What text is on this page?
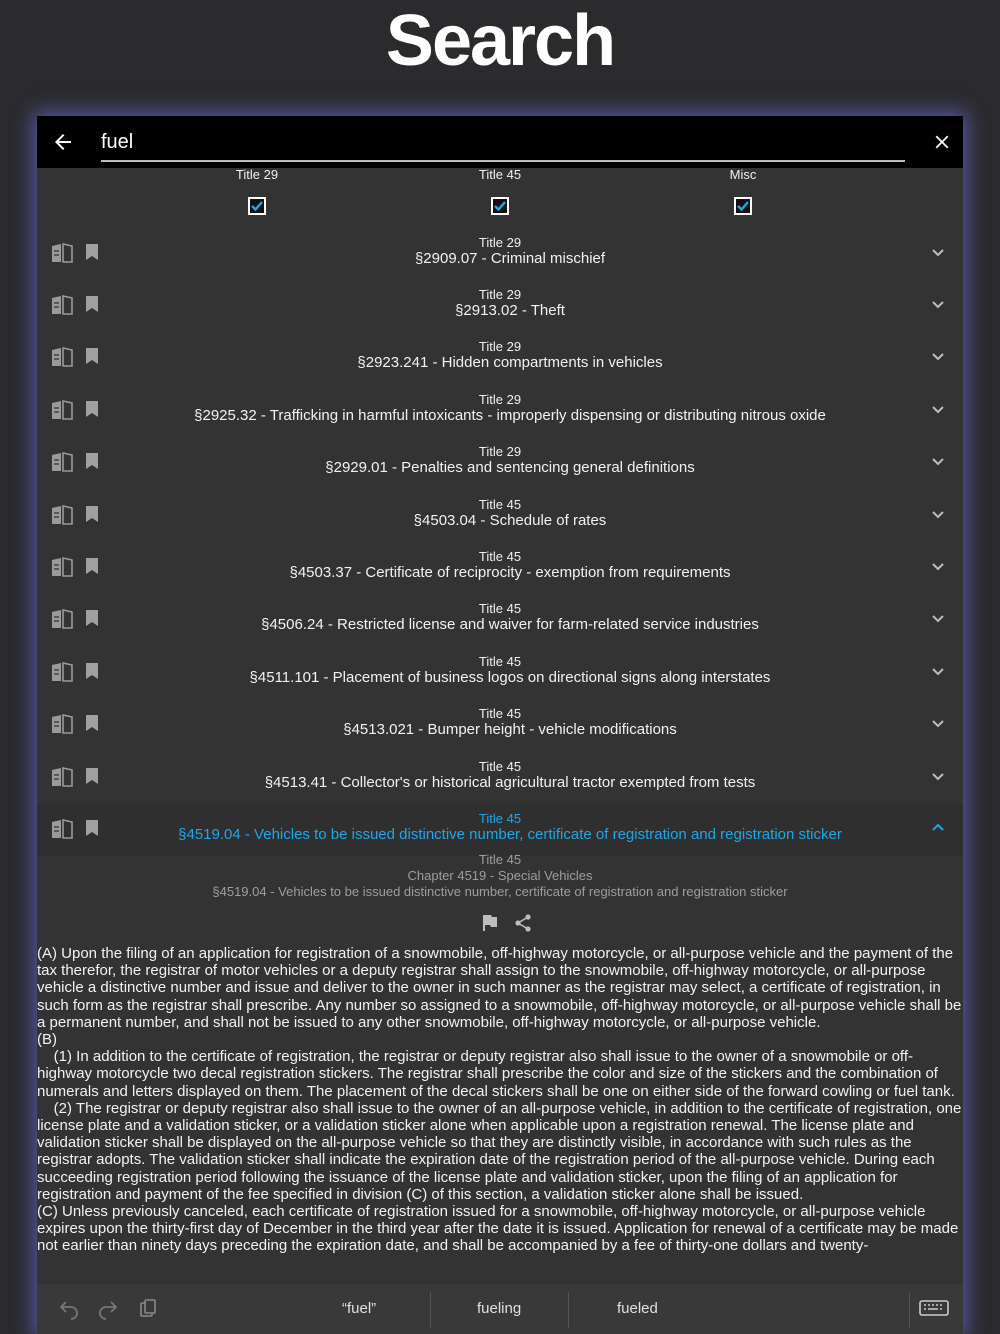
Search
fuel
Title 29	Title 45	Misc
Title 29
§2909.07 - Criminal mischief
Title 29
§2913.02 - Theft
Title 29
§2923.241 - Hidden compartments in vehicles
Title 29
§2925.32 - Trafficking in harmful intoxicants - improperly dispensing or distributing nitrous oxide
Title 29
§2929.01 - Penalties and sentencing general definitions
Title 45
§4503.04 - Schedule of rates
Title 45
§4503.37 - Certificate of reciprocity - exemption from requirements
Title 45
§4506.24 - Restricted license and waiver for farm-related service industries
Title 45
§4511.101 - Placement of business logos on directional signs along interstates
Title 45
§4513.021 - Bumper height - vehicle modifications
Title 45
§4513.41 - Collector's or historical agricultural tractor exempted from tests
Title 45
§4519.04 - Vehicles to be issued distinctive number, certificate of registration and registration sticker
Title 45
Chapter 4519 - Special Vehicles
§4519.04 - Vehicles to be issued distinctive number, certificate of registration and registration sticker
(A) Upon the filing of an application for registration of a snowmobile, off-highway motorcycle, or all-purpose vehicle and the payment of the tax therefor, the registrar of motor vehicles or a deputy registrar shall assign to the snowmobile, off-highway motorcycle, or all-purpose vehicle a distinctive number and issue and deliver to the owner in such manner as the registrar may select, a certificate of registration, in such form as the registrar shall prescribe. Any number so assigned to a snowmobile, off-highway motorcycle, or all-purpose vehicle shall be a permanent number, and shall not be issued to any other snowmobile, off-highway motorcycle, or all-purpose vehicle.
(B)
(1) In addition to the certificate of registration, the registrar or deputy registrar also shall issue to the owner of a snowmobile or off-highway motorcycle two decal registration stickers. The registrar shall prescribe the color and size of the stickers and the combination of numerals and letters displayed on them. The placement of the decal stickers shall be one on either side of the forward cowling or fuel tank.
(2) The registrar or deputy registrar also shall issue to the owner of an all-purpose vehicle, in addition to the certificate of registration, one license plate and a validation sticker, or a validation sticker alone when applicable upon a registration renewal. The license plate and validation sticker shall be displayed on the all-purpose vehicle so that they are distinctly visible, in accordance with such rules as the registrar adopts. The validation sticker shall indicate the expiration date of the registration period of the all-purpose vehicle. During each succeeding registration period following the issuance of the license plate and validation sticker, upon the filing of an application for registration and payment of the fee specified in division (C) of this section, a validation sticker alone shall be issued.
(C) Unless previously canceled, each certificate of registration issued for a snowmobile, off-highway motorcycle, or all-purpose vehicle expires upon the thirty-first day of December in the third year after the date it is issued. Application for renewal of a certificate may be made not earlier than ninety days preceding the expiration date, and shall be accompanied by a fee of thirty-one dollars and twenty-
“fuel”	fueling	fueled
